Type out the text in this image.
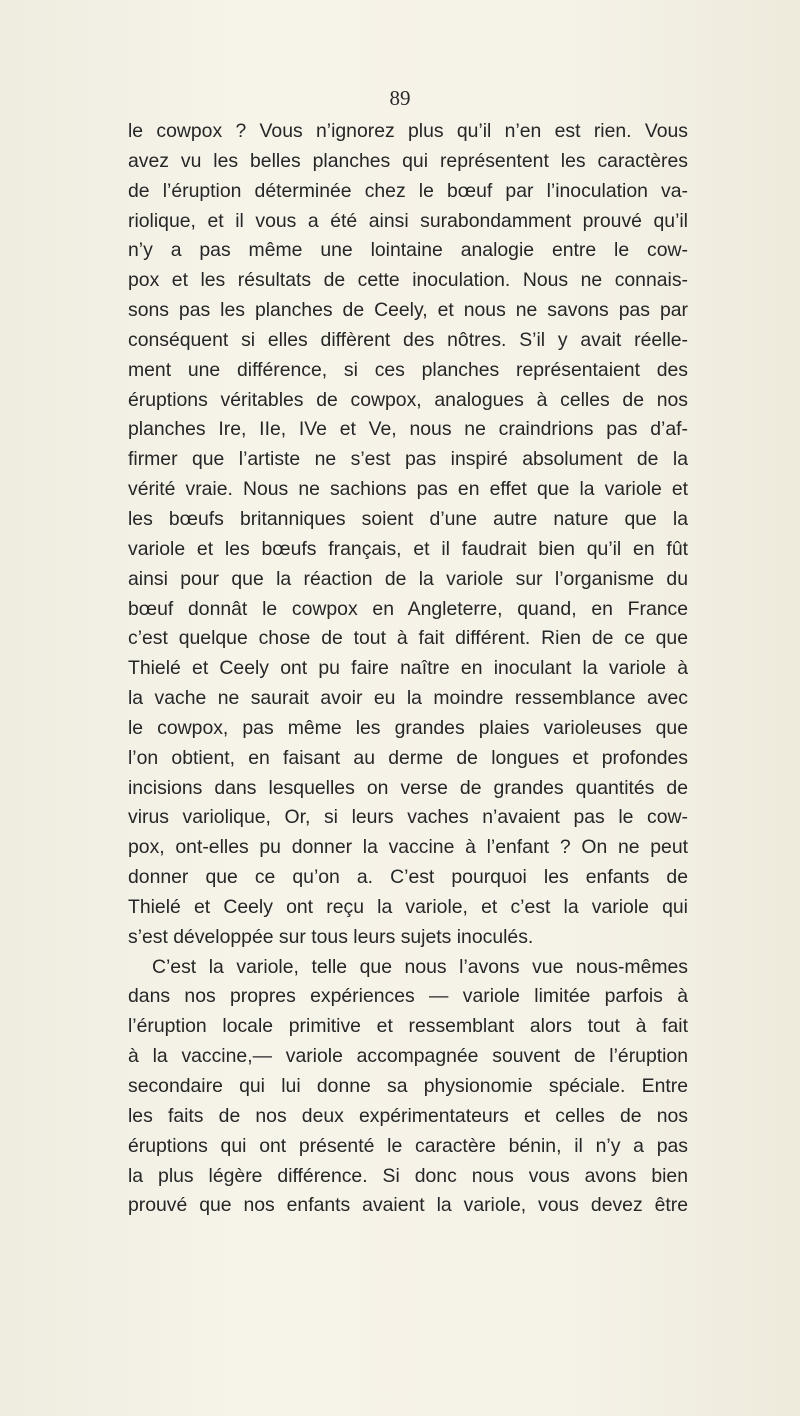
89

le cowpox ? Vous n’ignorez plus qu’il n’en est rien. Vous
avez vu les belles planches qui représentent les caractères
de l’éruption déterminée chez le bœuf par l’inoculation va-
riolique, et il vous a été ainsi surabondamment prouvé qu’il
n’y a pas même une lointaine analogie entre le cow-
pox et les résultats de cette inoculation. Nous ne connais-
sons pas les planches de Ceely, et nous ne savons pas par
conséquent si elles diffèrent des nôtres. S’il y avait réelle-
ment une différence, si ces planches représentaient des
éruptions véritables de cowpox, analogues à celles de nos
planches Ire, IIe, IVe et Ve, nous ne craindrions pas d’af-
firmer que l’artiste ne s’est pas inspiré absolument de la
vérité vraie. Nous ne sachions pas en effet que la variole et
les bœufs britanniques soient d’une autre nature que la
variole et les bœufs français, et il faudrait bien qu’il en fût
ainsi pour que la réaction de la variole sur l’organisme du
bœuf donnât le cowpox en Angleterre, quand, en France
c’est quelque chose de tout à fait différent. Rien de ce que
Thielé et Ceely ont pu faire naître en inoculant la variole à
la vache ne saurait avoir eu la moindre ressemblance avec
le cowpox, pas même les grandes plaies varioleuses que
l’on obtient, en faisant au derme de longues et profondes
incisions dans lesquelles on verse de grandes quantités de
virus variolique, Or, si leurs vaches n’avaient pas le cow-
pox, ont-elles pu donner la vaccine à l’enfant ? On ne peut
donner que ce qu’on a. C’est pourquoi les enfants de
Thielé et Ceely ont reçu la variole, et c’est la variole qui
s’est développée sur tous leurs sujets inoculés.
C’est la variole, telle que nous l’avons vue nous-mêmes
dans nos propres expériences — variole limitée parfois à
l’éruption locale primitive et ressemblant alors tout à fait
à la vaccine,— variole accompagnée souvent de l’éruption
secondaire qui lui donne sa physionomie spéciale. Entre
les faits de nos deux expérimentateurs et celles de nos
éruptions qui ont présenté le caractère bénin, il n’y a pas
la plus légère différence. Si donc nous vous avons bien
prouvé que nos enfants avaient la variole, vous devez être
